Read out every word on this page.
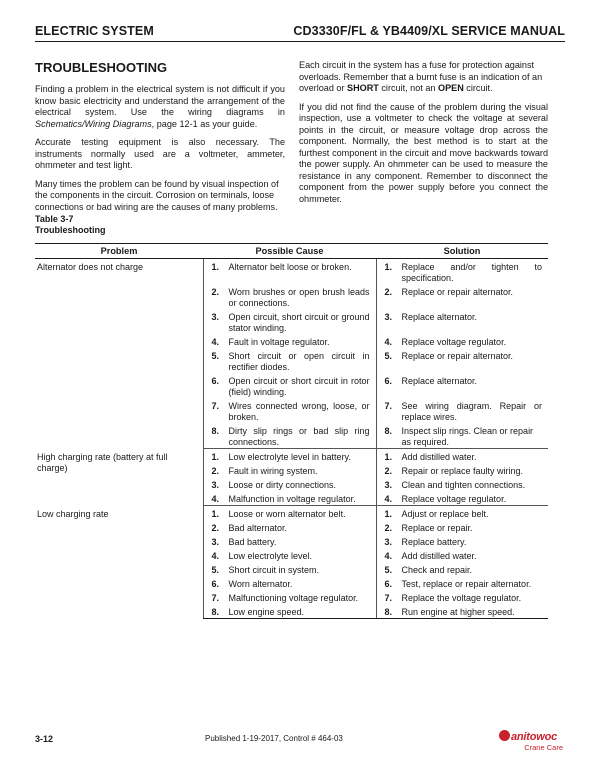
ELECTRIC SYSTEM	CD3330F/FL & YB4409/XL SERVICE MANUAL
TROUBLESHOOTING

Finding a problem in the electrical system is not difficult if you know basic electricity and understand the arrangement of the electrical system. Use the wiring diagrams in Schematics/Wiring Diagrams, page 12-1 as your guide.

Accurate testing equipment is also necessary. The instruments normally used are a voltmeter, ammeter, ohmmeter and test light.

Many times the problem can be found by visual inspection of the components in the circuit. Corrosion on terminals, loose connections or bad wiring are the causes of many problems.

Each circuit in the system has a fuse for protection against overloads. Remember that a burnt fuse is an indication of an overload or SHORT circuit, not an OPEN circuit.

If you did not find the cause of the problem during the visual inspection, use a voltmeter to check the voltage at several points in the circuit, or measure voltage drop across the component. Normally, the best method is to start at the furthest component in the circuit and move backwards toward the power supply. An ohmmeter can be used to measure the resistance in any component. Remember to disconnect the component from the power supply before you connect the ohmmeter.

Table 3-7
Troubleshooting
Problem	Possible Cause	Solution

Alternator does not charge	1. Alternator belt loose or broken.	1. Replace and/or tighten to specification.

	2. Worn brushes or open brush leads or connections.	2. Replace or repair alternator.

	3. Open circuit, short circuit or ground stator winding.	3. Replace alternator.

	4. Fault in voltage regulator.	4. Replace voltage regulator.

	5. Short circuit or open circuit in rectifier diodes.	5. Replace or repair alternator.

	6. Open circuit or short circuit in rotor (field) winding.	6. Replace alternator.

	7. Wires connected wrong, loose, or broken.	7. See wiring diagram. Repair or replace wires.

	8. Dirty slip rings or bad slip ring connections.	8. Inspect slip rings. Clean or repair as required.

High charging rate (battery at full charge)	1. Low electrolyte level in battery.	1. Add distilled water.

	2. Fault in wiring system.	2. Repair or replace faulty wiring.

	3. Loose or dirty connections.	3. Clean and tighten connections.

	4. Malfunction in voltage regulator.	4. Replace voltage regulator.

Low charging rate	1. Loose or worn alternator belt.	1. Adjust or replace belt.

	2. Bad alternator.	2. Replace or repair.

	3. Bad battery.	3. Replace battery.

	4. Low electrolyte level.	4. Add distilled water.

	5. Short circuit in system.	5. Check and repair.

	6. Worn alternator.	6. Test, replace or repair alternator.

	7. Malfunctioning voltage regulator.	7. Replace the voltage regulator.

	8. Low engine speed.	8. Run engine at higher speed.
3-12	Published 1-19-2017, Control # 464-03	anitowoc
Crane Care
